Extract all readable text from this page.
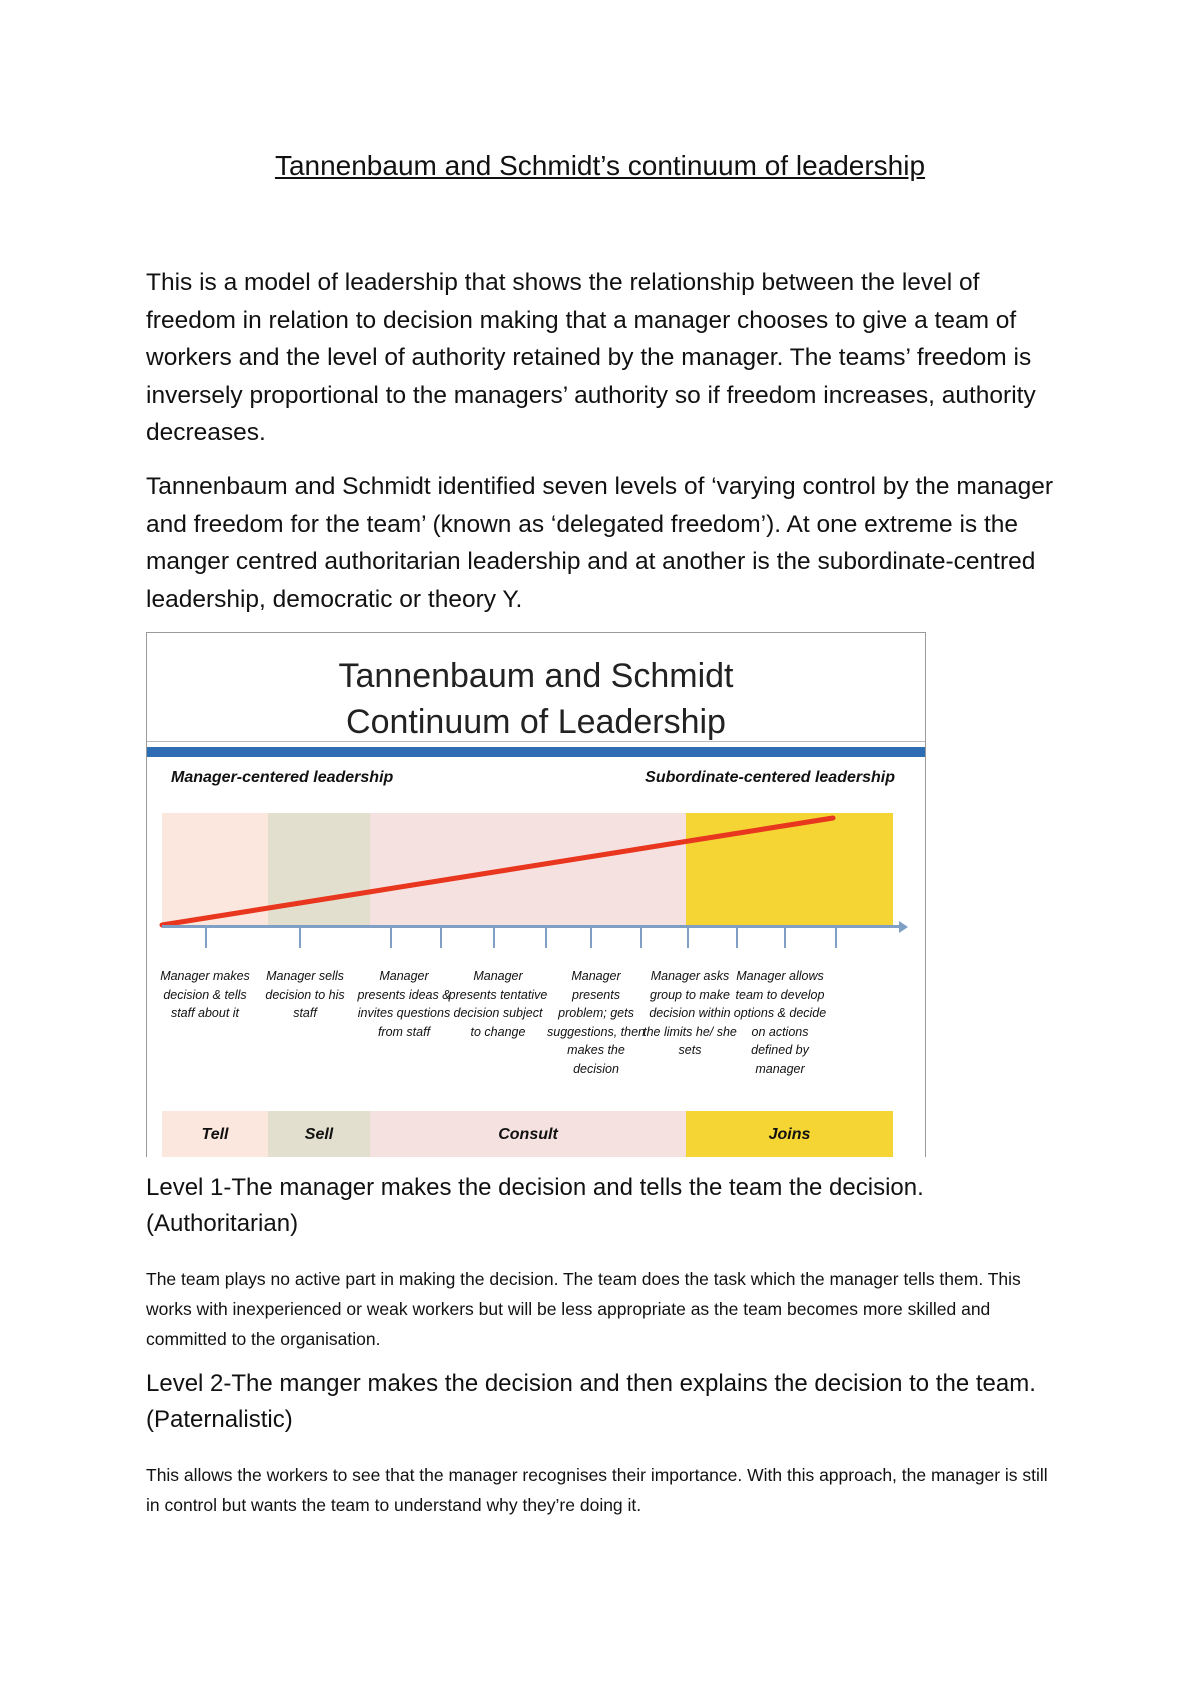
Tannenbaum and Schmidt’s continuum of leadership

This is a model of leadership that shows the relationship between the level of freedom in relation to decision making that a manager chooses to give a team of workers and the level of authority retained by the manager. The teams’ freedom is inversely proportional to the managers’ authority so if freedom increases, authority decreases.

Tannenbaum and Schmidt identified seven levels of ‘varying control by the manager and freedom for the team’ (known as ‘delegated freedom’). At one extreme is the manger centred authoritarian leadership and at another is the subordinate-centred leadership, democratic or theory Y.

Tannenbaum and Schmidt
Continuum of Leadership
Manager-centered leadership	Subordinate-centered leadership
Manager makes decision & tells staff about it
Manager sells decision to his staff
Manager presents ideas & invites questions from staff
Manager presents tentative decision subject to change
Manager presents problem; gets suggestions, then makes the decision
Manager asks group to make decision within the limits he/ she sets
Manager allows team to develop options & decide on actions defined by manager
Tell	Sell	Consult	Joins
Level 1-The manager makes the decision and tells the team the decision. (Authoritarian)

The team plays no active part in making the decision. The team does the task which the manager tells them. This works with inexperienced or weak workers but will be less appropriate as the team becomes more skilled and committed to the organisation.

Level 2-The manger makes the decision and then explains the decision to the team. (Paternalistic)

This allows the workers to see that the manager recognises their importance. With this approach, the manager is still in control but wants the team to understand why they’re doing it.
